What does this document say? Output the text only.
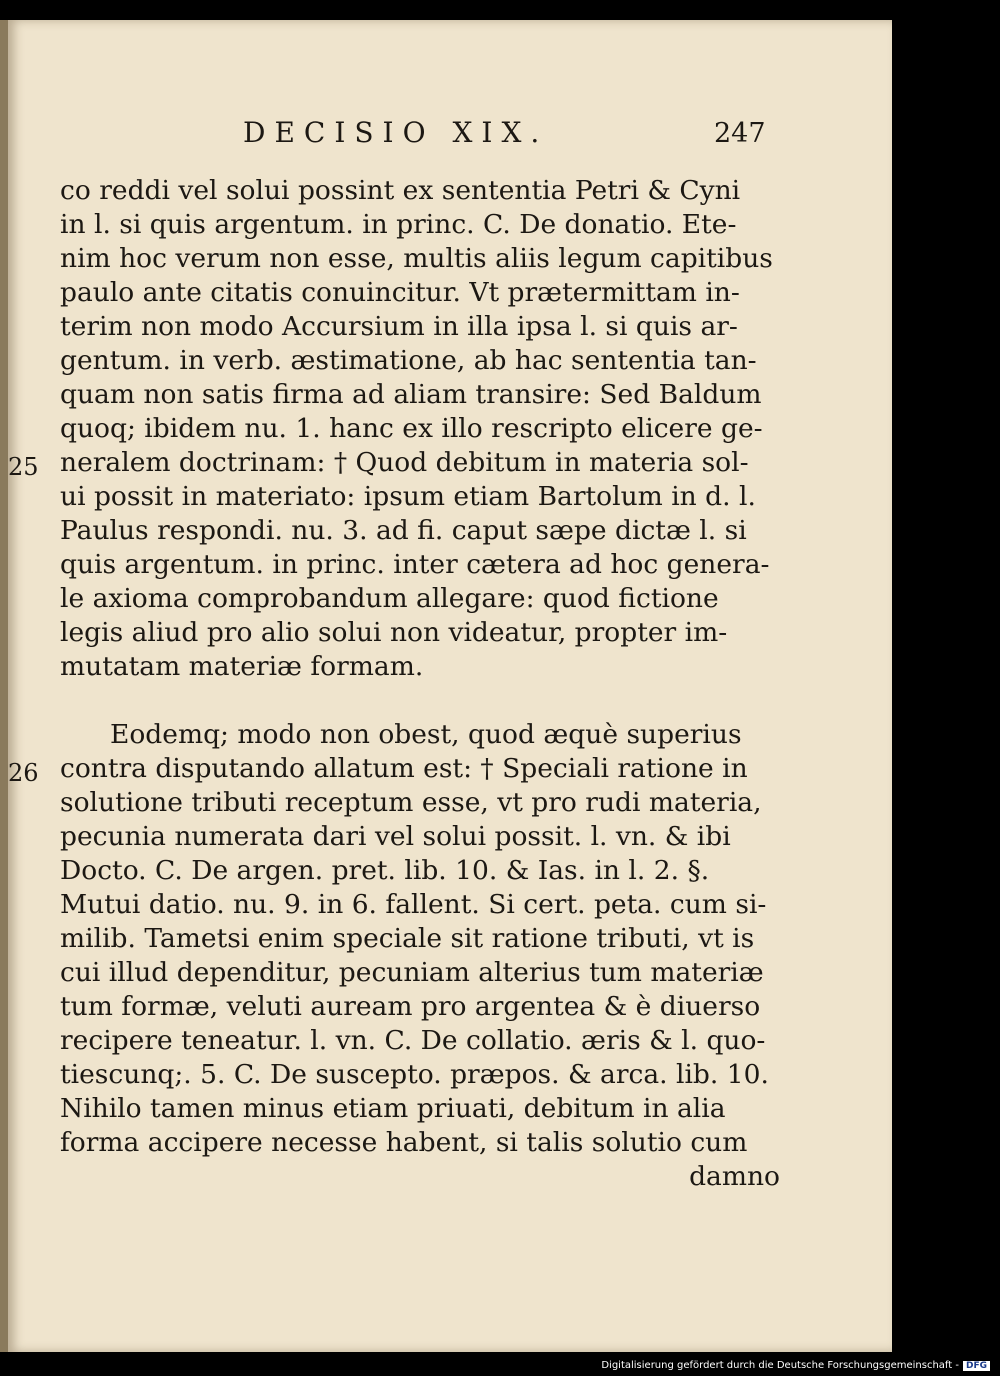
DECISIO XIX.	247
25
26
co reddi vel solui possint ex sententia Petri & Cyni
in l. si quis argentum. in princ. C. De donatio. Ete-
nim hoc verum non esse, multis aliis legum capitibus
paulo ante citatis conuincitur. Vt prætermittam in-
terim non modo Accursium in illa ipsa l. si quis ar-
gentum. in verb. æstimatione, ab hac sententia tan-
quam non satis firma ad aliam transire: Sed Baldum
quoq; ibidem nu. 1. hanc ex illo rescripto elicere ge-
neralem doctrinam: † Quod debitum in materia sol-
ui possit in materiato: ipsum etiam Bartolum in d. l.
Paulus respondi. nu. 3. ad fi. caput sæpe dictæ l. si
quis argentum. in princ. inter cætera ad hoc genera-
le axioma comprobandum allegare: quod fictione
legis aliud pro alio solui non videatur, propter im-
mutatam materiæ formam.
Eodemq; modo non obest, quod æquè superius
contra disputando allatum est: † Speciali ratione in
solutione tributi receptum esse, vt pro rudi materia,
pecunia numerata dari vel solui possit. l. vn. & ibi
Docto. C. De argen. pret. lib. 10. & Ias. in l. 2. §.
Mutui datio. nu. 9. in 6. fallent. Si cert. peta. cum si-
milib. Tametsi enim speciale sit ratione tributi, vt is
cui illud dependitur, pecuniam alterius tum materiæ
tum formæ, veluti auream pro argentea & è diuerso
recipere teneatur. l. vn. C. De collatio. æris & l. quo-
tiescunq;. 5. C. De suscepto. præpos. & arca. lib. 10.
Nihilo tamen minus etiam priuati, debitum in alia
forma accipere necesse habent, si talis solutio cum
damno
Digitalisierung gefördert durch die Deutsche Forschungsgemeinschaft - DFG
